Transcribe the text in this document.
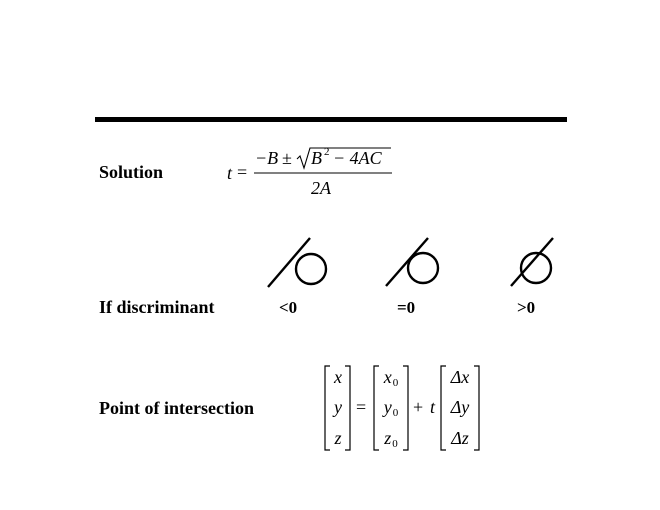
Solution
If discriminant
Point of intersection
t =
−B ± B 2 − 4AC
2A
<0	=0	>0
x
y
z
=
$x_0$
$y_0$
$z_0$
+ t
Δx
Δy
Δz
